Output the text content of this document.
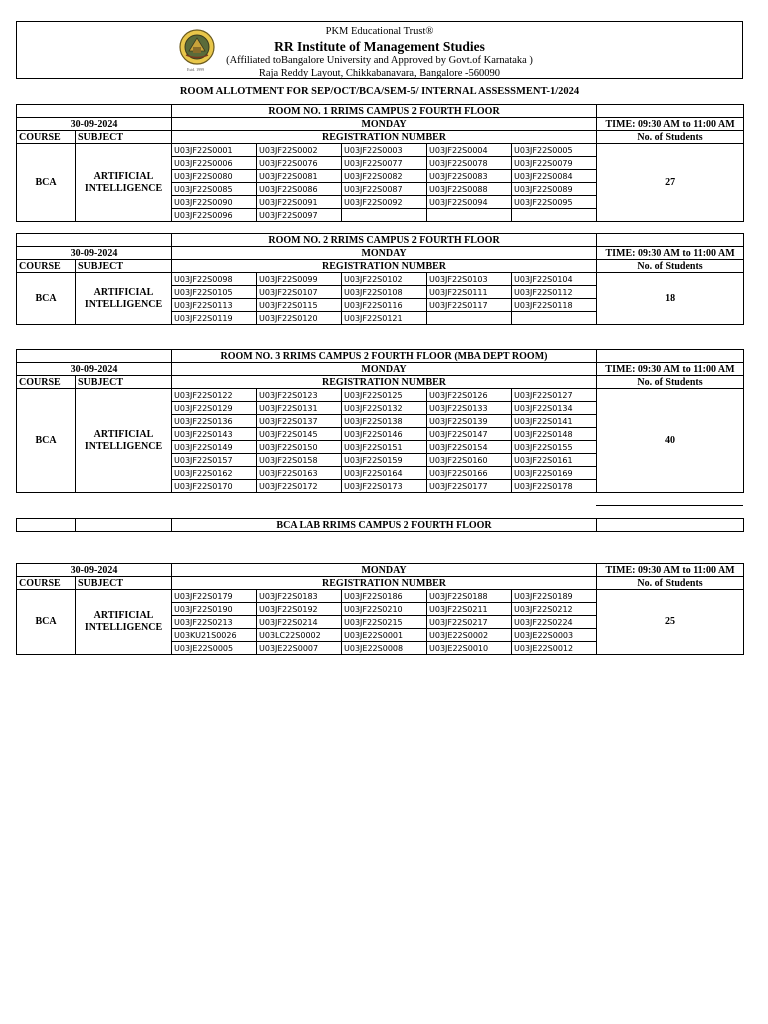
Estd. 1999
PKM Educational Trust®
RR Institute of Management Studies
(Affiliated toBangalore University and Approved by Govt.of Karnataka )
Raja Reddy Layout, Chikkabanavara, Bangalore -560090
ROOM ALLOTMENT FOR SEP/OCT/BCA/SEM-5/ INTERNAL ASSESSMENT-1/2024
		ROOM NO. 1 RRIMS CAMPUS 2 FOURTH FLOOR					
30-09-2024		MONDAY					TIME: 09:30 AM to 11:00 AM
COURSE	SUBJECT	REGISTRATION NUMBER					No. of Students
BCA	ARTIFICIAL INTELLIGENCE	U03JF22S0001	U03JF22S0002	U03JF22S0003	U03JF22S0004	U03JF22S0005	27
		U03JF22S0006	U03JF22S0076	U03JF22S0077	U03JF22S0078	U03JF22S0079	
		U03JF22S0080	U03JF22S0081	U03JF22S0082	U03JF22S0083	U03JF22S0084	
		U03JF22S0085	U03JF22S0086	U03JF22S0087	U03JF22S0088	U03JF22S0089	
		U03JF22S0090	U03JF22S0091	U03JF22S0092	U03JF22S0094	U03JF22S0095	
		U03JF22S0096	U03JF22S0097				
		ROOM NO. 2 RRIMS CAMPUS 2 FOURTH FLOOR					
30-09-2024		MONDAY					TIME: 09:30 AM to 11:00 AM
COURSE	SUBJECT	REGISTRATION NUMBER					No. of Students
BCA	ARTIFICIAL INTELLIGENCE	U03JF22S0098	U03JF22S0099	U03JF22S0102	U03JF22S0103	U03JF22S0104	18
		U03JF22S0105	U03JF22S0107	U03JF22S0108	U03JF22S0111	U03JF22S0112	
		U03JF22S0113	U03JF22S0115	U03JF22S0116	U03JF22S0117	U03JF22S0118	
		U03JF22S0119	U03JF22S0120	U03JF22S0121			
		ROOM NO. 3 RRIMS CAMPUS 2 FOURTH FLOOR (MBA DEPT ROOM)					
30-09-2024		MONDAY					TIME: 09:30 AM to 11:00 AM
COURSE	SUBJECT	REGISTRATION NUMBER					No. of Students
BCA	ARTIFICIAL INTELLIGENCE	U03JF22S0122	U03JF22S0123	U03JF22S0125	U03JF22S0126	U03JF22S0127	40
		U03JF22S0129	U03JF22S0131	U03JF22S0132	U03JF22S0133	U03JF22S0134	
		U03JF22S0136	U03JF22S0137	U03JF22S0138	U03JF22S0139	U03JF22S0141	
		U03JF22S0143	U03JF22S0145	U03JF22S0146	U03JF22S0147	U03JF22S0148	
		U03JF22S0149	U03JF22S0150	U03JF22S0151	U03JF22S0154	U03JF22S0155	
		U03JF22S0157	U03JF22S0158	U03JF22S0159	U03JF22S0160	U03JF22S0161	
		U03JF22S0162	U03JF22S0163	U03JF22S0164	U03JF22S0166	U03JF22S0169	
		U03JF22S0170	U03JF22S0172	U03JF22S0173	U03JF22S0177	U03JF22S0178	
		BCA LAB RRIMS CAMPUS 2 FOURTH FLOOR	
30-09-2024		MONDAY					TIME: 09:30 AM to 11:00 AM
COURSE	SUBJECT	REGISTRATION NUMBER					No. of Students
BCA	ARTIFICIAL INTELLIGENCE	U03JF22S0179	U03JF22S0183	U03JF22S0186	U03JF22S0188	U03JF22S0189	25
		U03JF22S0190	U03JF22S0192	U03JF22S0210	U03JF22S0211	U03JF22S0212	
		U03JF22S0213	U03JF22S0214	U03JF22S0215	U03JF22S0217	U03JF22S0224	
		U03KU21S0026	U03LC22S0002	U03JE22S0001	U03JE22S0002	U03JE22S0003	
		U03JE22S0005	U03JE22S0007	U03JE22S0008	U03JE22S0010	U03JE22S0012	
